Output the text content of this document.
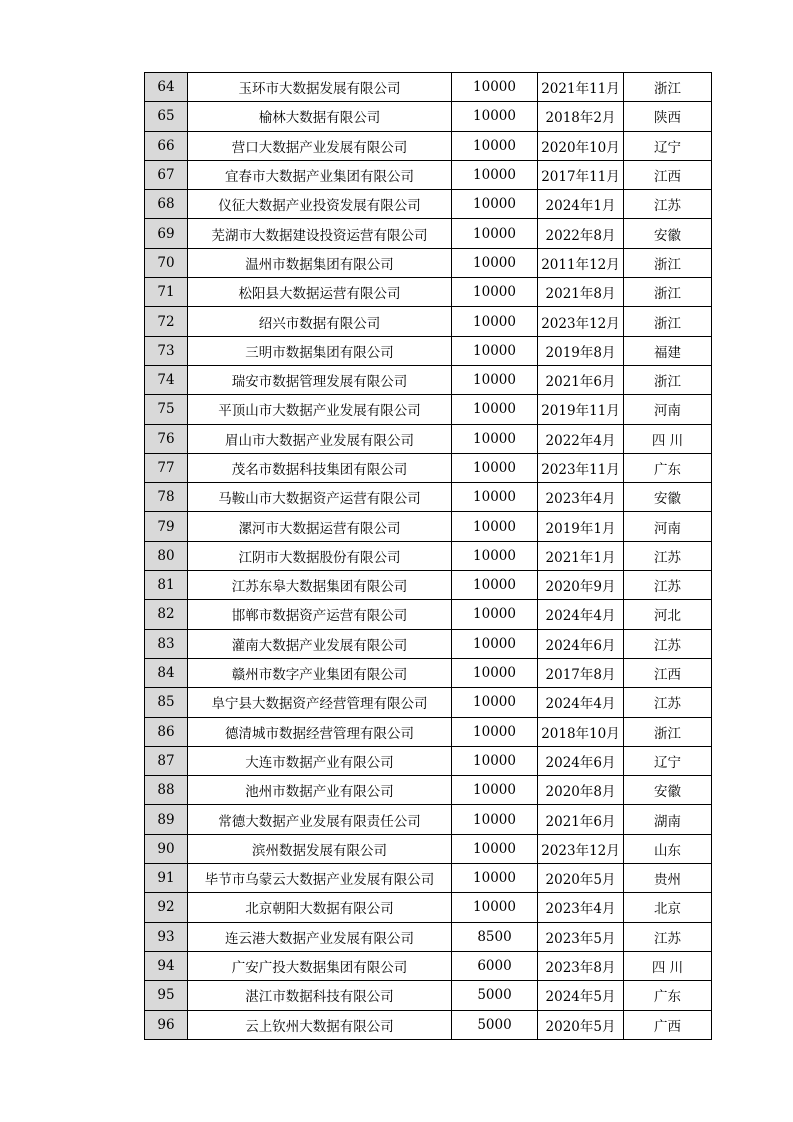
64	玉环市大数据发展有限公司	10000	2021年11月	浙江
65	榆林大数据有限公司	10000	2018年2月	陕西
66	营口大数据产业发展有限公司	10000	2020年10月	辽宁
67	宜春市大数据产业集团有限公司	10000	2017年11月	江西
68	仪征大数据产业投资发展有限公司	10000	2024年1月	江苏
69	芜湖市大数据建设投资运营有限公司	10000	2022年8月	安徽
70	温州市数据集团有限公司	10000	2011年12月	浙江
71	松阳县大数据运营有限公司	10000	2021年8月	浙江
72	绍兴市数据有限公司	10000	2023年12月	浙江
73	三明市数据集团有限公司	10000	2019年8月	福建
74	瑞安市数据管理发展有限公司	10000	2021年6月	浙江
75	平顶山市大数据产业发展有限公司	10000	2019年11月	河南
76	眉山市大数据产业发展有限公司	10000	2022年4月	四 川
77	茂名市数据科技集团有限公司	10000	2023年11月	广东
78	马鞍山市大数据资产运营有限公司	10000	2023年4月	安徽
79	漯河市大数据运营有限公司	10000	2019年1月	河南
80	江阴市大数据股份有限公司	10000	2021年1月	江苏
81	江苏东皋大数据集团有限公司	10000	2020年9月	江苏
82	邯郸市数据资产运营有限公司	10000	2024年4月	河北
83	灌南大数据产业发展有限公司	10000	2024年6月	江苏
84	赣州市数字产业集团有限公司	10000	2017年8月	江西
85	阜宁县大数据资产经营管理有限公司	10000	2024年4月	江苏
86	德清城市数据经营管理有限公司	10000	2018年10月	浙江
87	大连市数据产业有限公司	10000	2024年6月	辽宁
88	池州市数据产业有限公司	10000	2020年8月	安徽
89	常德大数据产业发展有限责任公司	10000	2021年6月	湖南
90	滨州数据发展有限公司	10000	2023年12月	山东
91	毕节市乌蒙云大数据产业发展有限公司	10000	2020年5月	贵州
92	北京朝阳大数据有限公司	10000	2023年4月	北京
93	连云港大数据产业发展有限公司	8500	2023年5月	江苏
94	广安广投大数据集团有限公司	6000	2023年8月	四 川
95	湛江市数据科技有限公司	5000	2024年5月	广东
96	云上钦州大数据有限公司	5000	2020年5月	广西
